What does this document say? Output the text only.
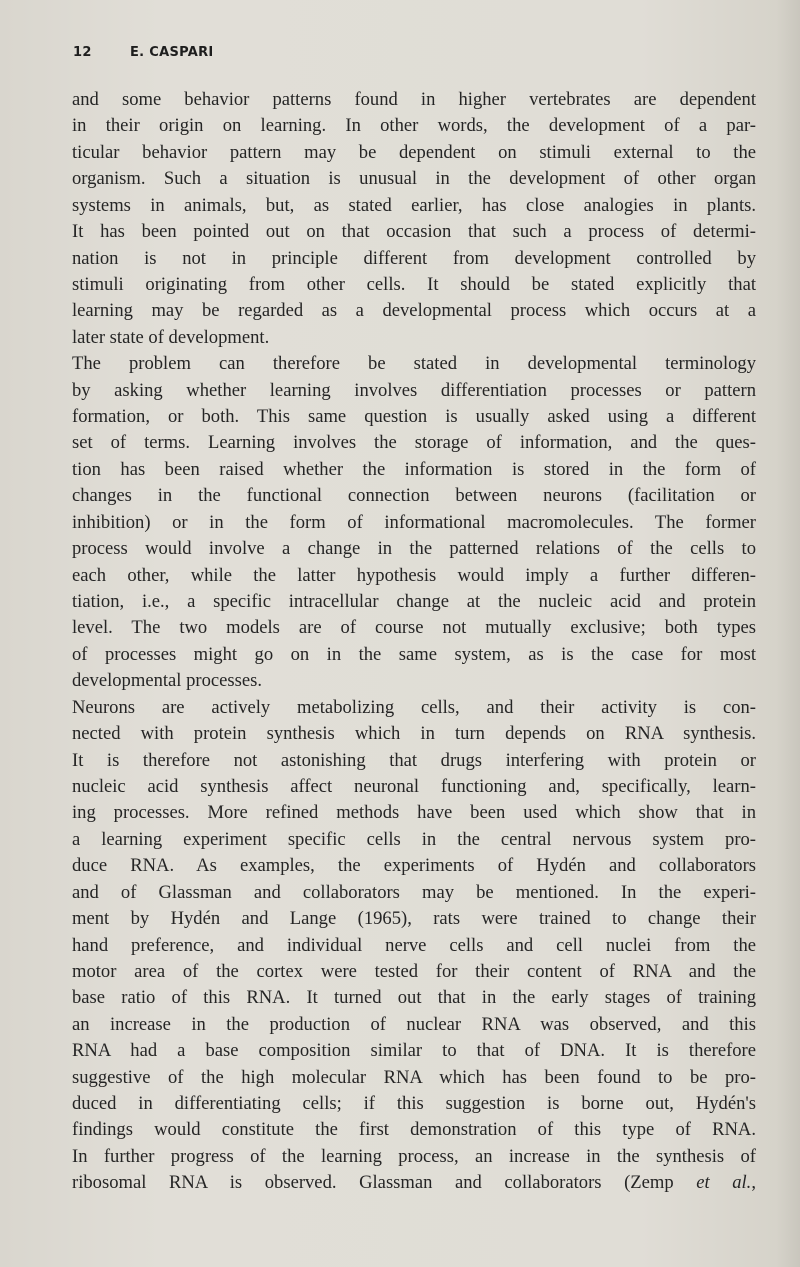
12	E. CASPARI
and some behavior patterns found in higher vertebrates are dependent
in their origin on learning. In other words, the development of a par-
ticular behavior pattern may be dependent on stimuli external to the
organism. Such a situation is unusual in the development of other organ
systems in animals, but, as stated earlier, has close analogies in plants.
It has been pointed out on that occasion that such a process of determi-
nation is not in principle different from development controlled by
stimuli originating from other cells. It should be stated explicitly that
learning may be regarded as a developmental process which occurs at a
later state of development.
The problem can therefore be stated in developmental terminology
by asking whether learning involves differentiation processes or pattern
formation, or both. This same question is usually asked using a different
set of terms. Learning involves the storage of information, and the ques-
tion has been raised whether the information is stored in the form of
changes in the functional connection between neurons (facilitation or
inhibition) or in the form of informational macromolecules. The former
process would involve a change in the patterned relations of the cells to
each other, while the latter hypothesis would imply a further differen-
tiation, i.e., a specific intracellular change at the nucleic acid and protein
level. The two models are of course not mutually exclusive; both types
of processes might go on in the same system, as is the case for most
developmental processes.
Neurons are actively metabolizing cells, and their activity is con-
nected with protein synthesis which in turn depends on RNA synthesis.
It is therefore not astonishing that drugs interfering with protein or
nucleic acid synthesis affect neuronal functioning and, specifically, learn-
ing processes. More refined methods have been used which show that in
a learning experiment specific cells in the central nervous system pro-
duce RNA. As examples, the experiments of Hydén and collaborators
and of Glassman and collaborators may be mentioned. In the experi-
ment by Hydén and Lange (1965), rats were trained to change their
hand preference, and individual nerve cells and cell nuclei from the
motor area of the cortex were tested for their content of RNA and the
base ratio of this RNA. It turned out that in the early stages of training
an increase in the production of nuclear RNA was observed, and this
RNA had a base composition similar to that of DNA. It is therefore
suggestive of the high molecular RNA which has been found to be pro-
duced in differentiating cells; if this suggestion is borne out, Hydén's
findings would constitute the first demonstration of this type of RNA.
In further progress of the learning process, an increase in the synthesis of
ribosomal RNA is observed. Glassman and collaborators (Zemp et al.,
